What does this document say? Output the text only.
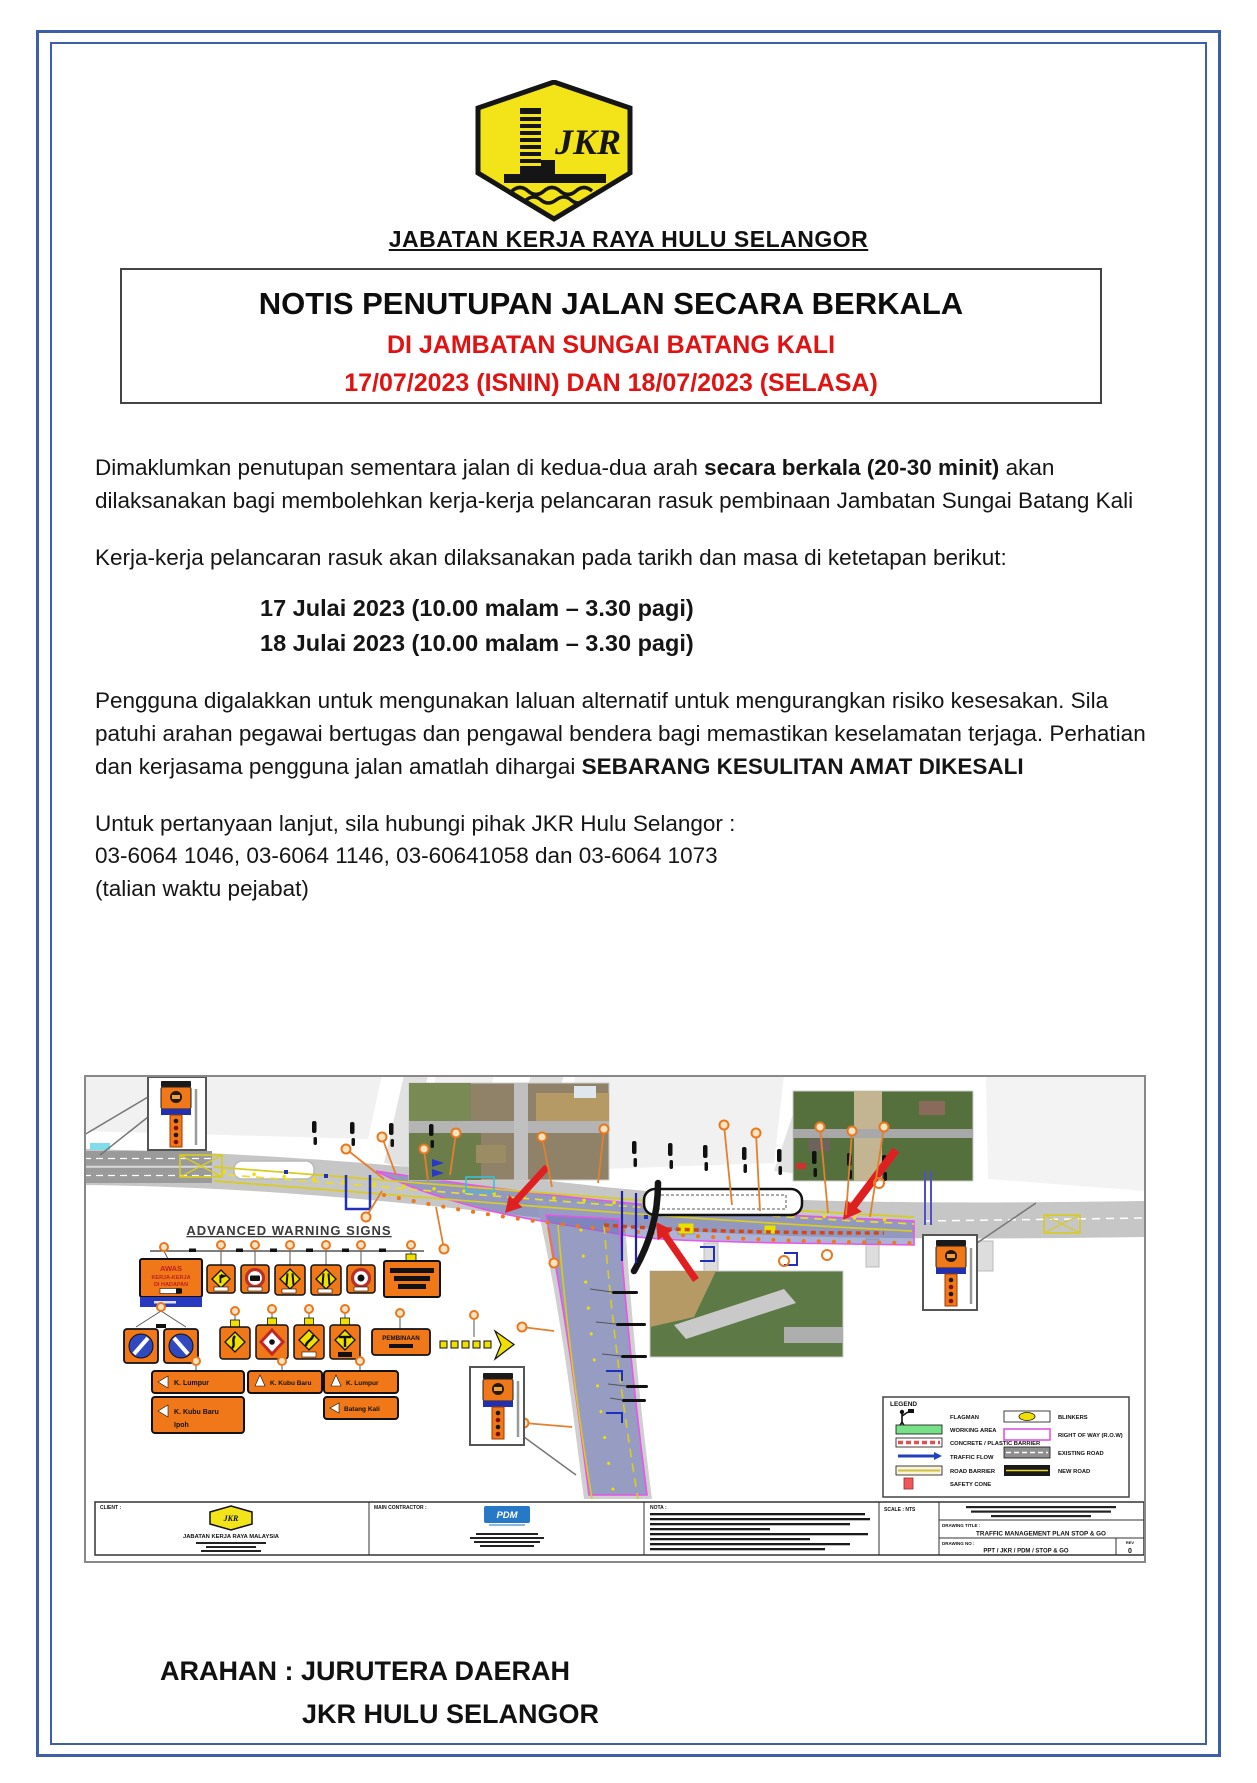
JKR
JABATAN KERJA RAYA HULU SELANGOR
NOTIS PENUTUPAN JALAN SECARA BERKALA
DI JAMBATAN SUNGAI BATANG KALI
17/07/2023 (ISNIN) DAN 18/07/2023 (SELASA)

Dimaklumkan penutupan sementara jalan di kedua-dua arah secara berkala (20-30 minit) akan dilaksanakan bagi membolehkan kerja-kerja pelancaran rasuk pembinaan Jambatan Sungai Batang Kali

Kerja-kerja pelancaran rasuk akan dilaksanakan pada tarikh dan masa di ketetapan berikut:

17 Julai 2023 (10.00 malam – 3.30 pagi)
18 Julai 2023 (10.00 malam – 3.30 pagi)

Pengguna digalakkan untuk mengunakan laluan alternatif untuk mengurangkan risiko kesesakan. Sila patuhi arahan pegawai bertugas dan pengawal bendera bagi memastikan keselamatan terjaga. Perhatian dan kerjasama pengguna jalan amatlah dihargai SEBARANG KESULITAN AMAT DIKESALI

Untuk pertanyaan lanjut, sila hubungi pihak JKR Hulu Selangor :
03-6064 1046, 03-6064 1146, 03-60641058 dan 03-6064 1073
(talian waktu pejabat)

ADVANCED WARNING SIGNS
AWAS
KERJA-KERJA
DI HADAPAN
PEMBINAAN
K. Lumpur
K. Kubu Baru
Ipoh
K. Kubu Baru	K. Lumpur
Batang Kali
LEGEND
FLAGMAN
WORKING AREA
CONCRETE / PLASTIC BARRIER
TRAFFIC FLOW
ROAD BARRIER
SAFETY CONE
BLINKERS
RIGHT OF WAY (R.O.W)
EXISTING ROAD
NEW ROAD
CLIENT :
JKR
JABATAN KERJA RAYA MALAYSIA
MAIN CONTRACTOR :
PDM
NOTA :	SCALE : NTS
DRAWING TITLE :
TRAFFIC MANAGEMENT PLAN STOP & GO
DRAWING NO :
PPT / JKR / PDM / STOP & GO
REV
0
ARAHAN : JURUTERA DAERAH
JKR HULU SELANGOR
